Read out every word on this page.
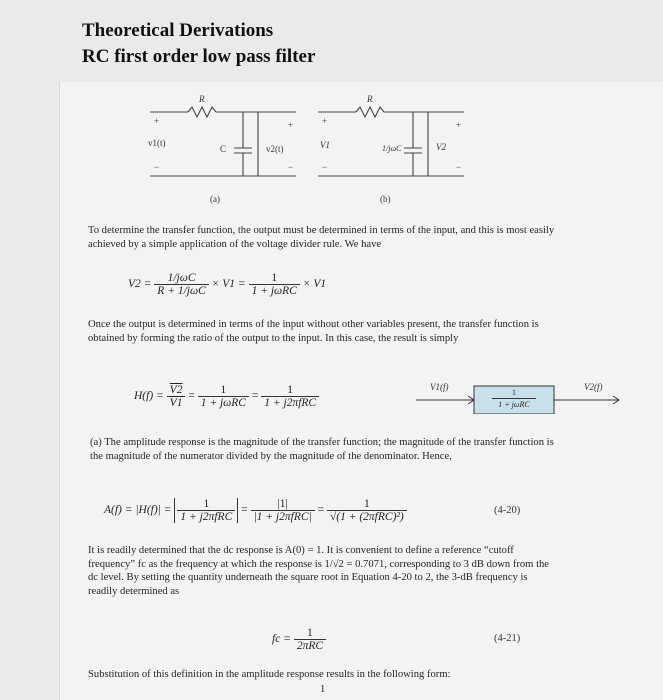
Theoretical Derivations
RC first order low pass filter
R
v1(t)
C	v2(t)
+
−
+
−
(a)
R
V1	1/jωC	V2
+
−
+
−
(b)
To determine the transfer function, the output must be determined in terms of the input, and this is most easily achieved by a simple application of the voltage divider rule. We have
$V2 = \frac{\text{1/jωC}}{\text{R + 1/jωC}} \times V1 = \frac{1}{\text{1 + jωRC}} \times V1$
Once the output is determined in terms of the input without other variables present, the transfer function is obtained by forming the ratio of the output to the input. In this case, the result is simply
$H(f) = \frac{V2}{V1} = \frac{1}{\text{1 + jωRC}} = \frac{1}{\text{1 + j2πfRC}}$	V1(f)	V2(f)
1
1 + jωRC
(a) The amplitude response is the magnitude of the transfer function; the magnitude of the transfer function is the magnitude of the numerator divided by the magnitude of the denominator. Hence,
$A(f) = |H(f)| = \frac{1}{\text{1 + j2πfRC}} = \frac{|1|}{\text{|1 + j2πfRC|}} = \frac{1}{\text{√(1 + (2πfRC)²)}}$	(4-20)
It is readily determined that the dc response is A(0) = 1. It is convenient to define a reference “cutoff frequency” fc as the frequency at which the response is 1/√2 = 0.7071, corresponding to 3 dB down from the dc level. By setting the quantity underneath the square root in Equation 4-20 to 2, the 3-dB frequency is readily determined as
fc = $\frac{1}{\text{2πRC}}$	(4-21)
Substitution of this definition in the amplitude response results in the following form:
1
